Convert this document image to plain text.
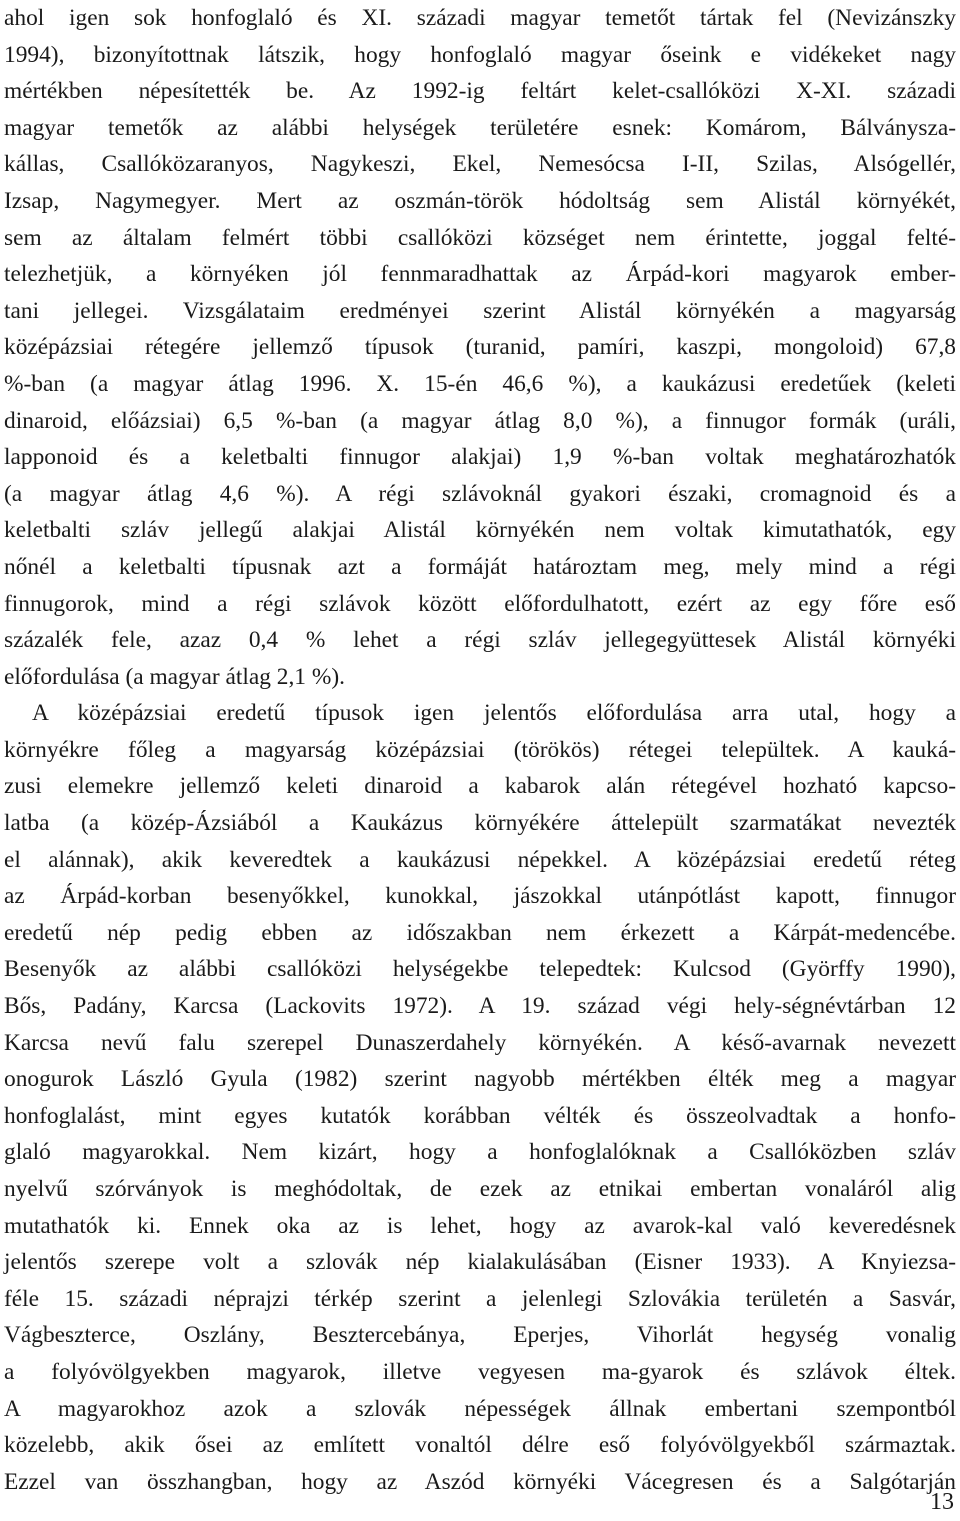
ahol igen sok honfoglaló és XI. századi magyar temetőt tártak fel (Nevizánszky
1994), bizonyítottnak látszik, hogy honfoglaló magyar őseink e vidékeket nagy
mértékben népesítették be. Az 1992-ig feltárt kelet-csallóközi X-XI. századi
magyar temetők az alábbi helységek területére esnek: Komárom, Bálványsza-
kállas, Csallóközaranyos, Nagykeszi, Ekel, Nemesócsa I-II, Szilas, Alsógellér,
Izsap, Nagymegyer. Mert az oszmán-török hódoltság sem Alistál környékét,
sem az általam felmért többi csallóközi községet nem érintette, joggal felté-
telezhetjük, a környéken jól fennmaradhattak az Árpád-kori magyarok ember-
tani jellegei. Vizsgálataim eredményei szerint Alistál környékén a magyarság
középázsiai rétegére jellemző típusok (turanid, pamíri, kaszpi, mongoloid) 67,8
%-ban (a magyar átlag 1996. X. 15-én 46,6 %), a kaukázusi eredetűek (keleti
dinaroid, előázsiai) 6,5 %-ban (a magyar átlag 8,0 %), a finnugor formák (uráli,
lapponoid és a keletbalti finnugor alakjai) 1,9 %-ban voltak meghatározhatók
(a magyar átlag 4,6 %). A régi szlávoknál gyakori északi, cromagnoid és a
keletbalti szláv jellegű alakjai Alistál környékén nem voltak kimutathatók, egy
nőnél a keletbalti típusnak azt a formáját határoztam meg, mely mind a régi
finnugorok, mind a régi szlávok között előfordulhatott, ezért az egy főre eső
százalék fele, azaz 0,4 % lehet a régi szláv jellegegyüttesek Alistál környéki
előfordulása (a magyar átlag 2,1 %).
A középázsiai eredetű típusok igen jelentős előfordulása arra utal, hogy a
környékre főleg a magyarság középázsiai (törökös) rétegei települtek. A kauká-
zusi elemekre jellemző keleti dinaroid a kabarok alán rétegével hozható kapcso-
latba (a közép-Ázsiából a Kaukázus környékére áttelepült szarmatákat nevezték
el alánnak), akik keveredtek a kaukázusi népekkel. A középázsiai eredetű réteg
az Árpád-korban besenyőkkel, kunokkal, jászokkal utánpótlást kapott, finnugor
eredetű nép pedig ebben az időszakban nem érkezett a Kárpát-medencébe.
Besenyők az alábbi csallóközi helységekbe telepedtek: Kulcsod (Györffy 1990),
Bős, Padány, Karcsa (Lackovits 1972). A 19. század végi hely-ségnévtárban 12
Karcsa nevű falu szerepel Dunaszerdahely környékén. A késő-avarnak nevezett
onogurok László Gyula (1982) szerint nagyobb mértékben élték meg a magyar
honfoglalást, mint egyes kutatók korábban vélték és összeolvadtak a honfo-
glaló magyarokkal. Nem kizárt, hogy a honfoglalóknak a Csallóközben szláv
nyelvű szórványok is meghódoltak, de ezek az etnikai embertan vonaláról alig
mutathatók ki. Ennek oka az is lehet, hogy az avarok-kal való keveredésnek
jelentős szerepe volt a szlovák nép kialakulásában (Eisner 1933). A Knyiezsa-
féle 15. századi néprajzi térkép szerint a jelenlegi Szlovákia területén a Sasvár,
Vágbeszterce, Oszlány, Besztercebánya, Eperjes, Vihorlát hegység vonalig
a folyóvölgyekben magyarok, illetve vegyesen ma-gyarok és szlávok éltek.
A magyarokhoz azok a szlovák népességek állnak embertani szempontból
közelebb, akik ősei az említett vonaltól délre eső folyóvölgyekből származtak.
Ezzel van összhangban, hogy az Aszód környéki Vácegresen és a Salgótarján
13
